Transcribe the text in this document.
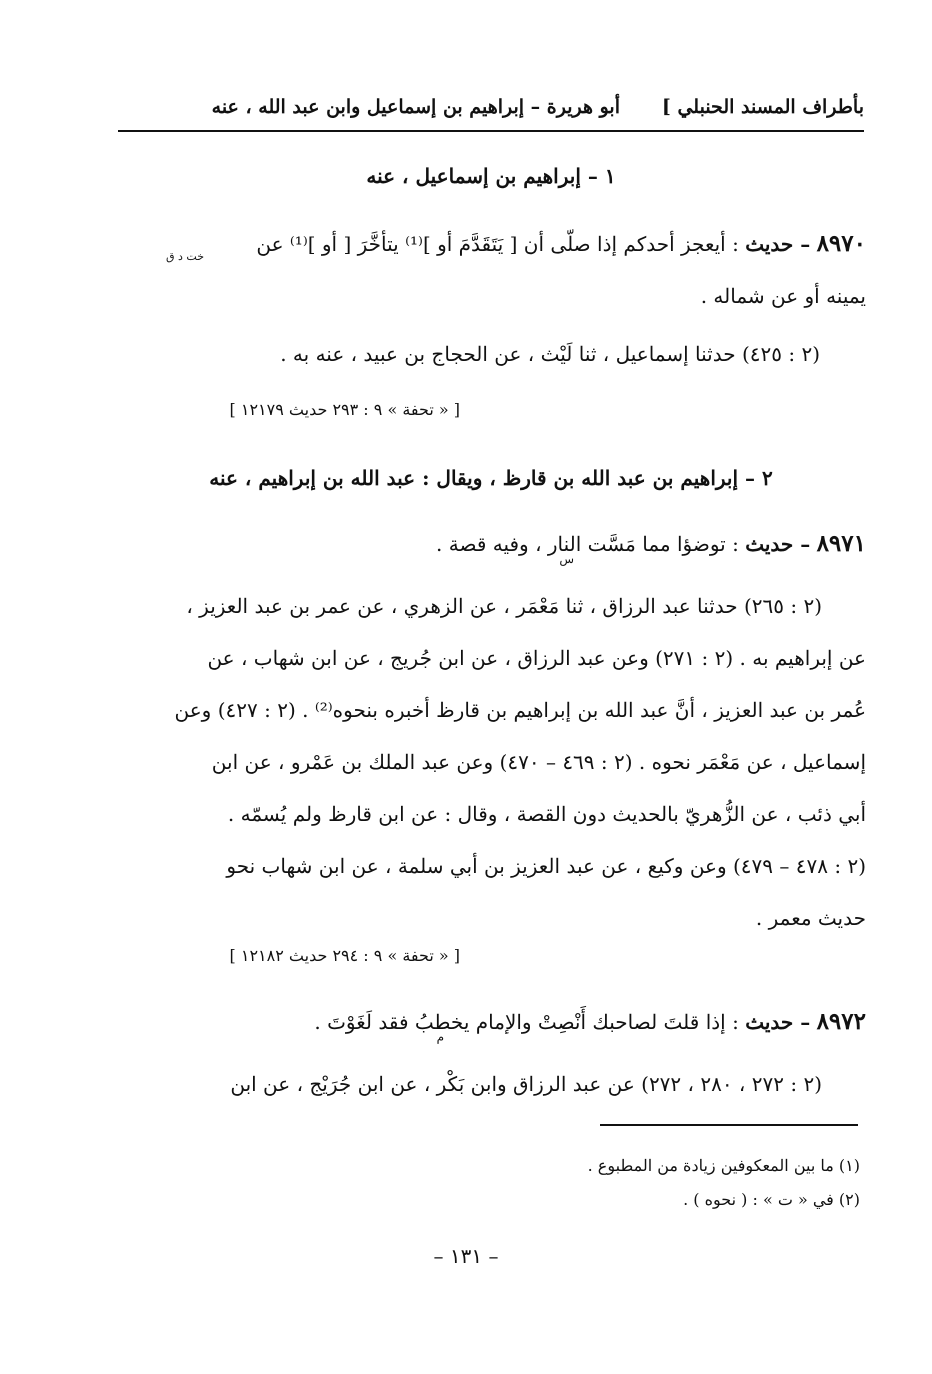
بأطراف المسند الحنبلي ]
أبو هريرة – إبراهيم بن إسماعيل وابن عبد الله ، عنه
١ – إبراهيم بن إسماعيل ، عنه
٨٩٧٠ – حديث : أيعجز أحدكم إذا صلّى أن [ يَتَقَدَّمَ أو ]⁽¹⁾ يتأخَّرَ [ أو ]⁽¹⁾ عن
يمينه أو عن شماله .
خت د ق
(٢ : ٤٢٥) حدثنا إسماعيل ، ثنا لَيْث ، عن الحجاج بن عبيد ، عنه به .
[ « تحفة » ٩ : ٢٩٣ حديث ١٢١٧٩ ]
٢ – إبراهيم بن عبد الله بن قارظ ، ويقال : عبد الله بن إبراهيم ، عنه
٨٩٧١ – حديث : توضؤا مما مَسَّت النار ، وفيه قصة .
س
(٢ : ٢٦٥) حدثنا عبد الرزاق ، ثنا مَعْمَر ، عن الزهري ، عن عمر بن عبد العزيز ،
عن إبراهيم به . (٢ : ٢٧١) وعن عبد الرزاق ، عن ابن جُريج ، عن ابن شهاب ، عن
عُمر بن عبد العزيز ، أنَّ عبد الله بن إبراهيم بن قارظ أخبره بنحوه⁽²⁾ . (٢ : ٤٢٧) وعن
إسماعيل ، عن مَعْمَر نحوه . (٢ : ٤٦٩ – ٤٧٠) وعن عبد الملك بن عَمْرو ، عن ابن
أبي ذئب ، عن الزُّهريّ بالحديث دون القصة ، وقال : عن ابن قارظ ولم يُسمّه .
(٢ : ٤٧٨ – ٤٧٩) وعن وكيع ، عن عبد العزيز بن أبي سلمة ، عن ابن شهاب نحو
حديث معمر .
[ « تحفة » ٩ : ٢٩٤ حديث ١٢١٨٢ ]
٨٩٧٢ – حديث : إذا قلتَ لصاحبك أَنْصِتْ والإمام يخطبُ فقد لَغَوْتَ .
م
(٢ : ٢٧٢ ، ٢٨٠ ، ٢٧٢) عن عبد الرزاق وابن بَكْر ، عن ابن جُرَيْج ، عن ابن
(١) ما بين المعكوفين زيادة من المطبوع .
(٢) في « ت » : ( نحوه ) .
– ١٣١ –
